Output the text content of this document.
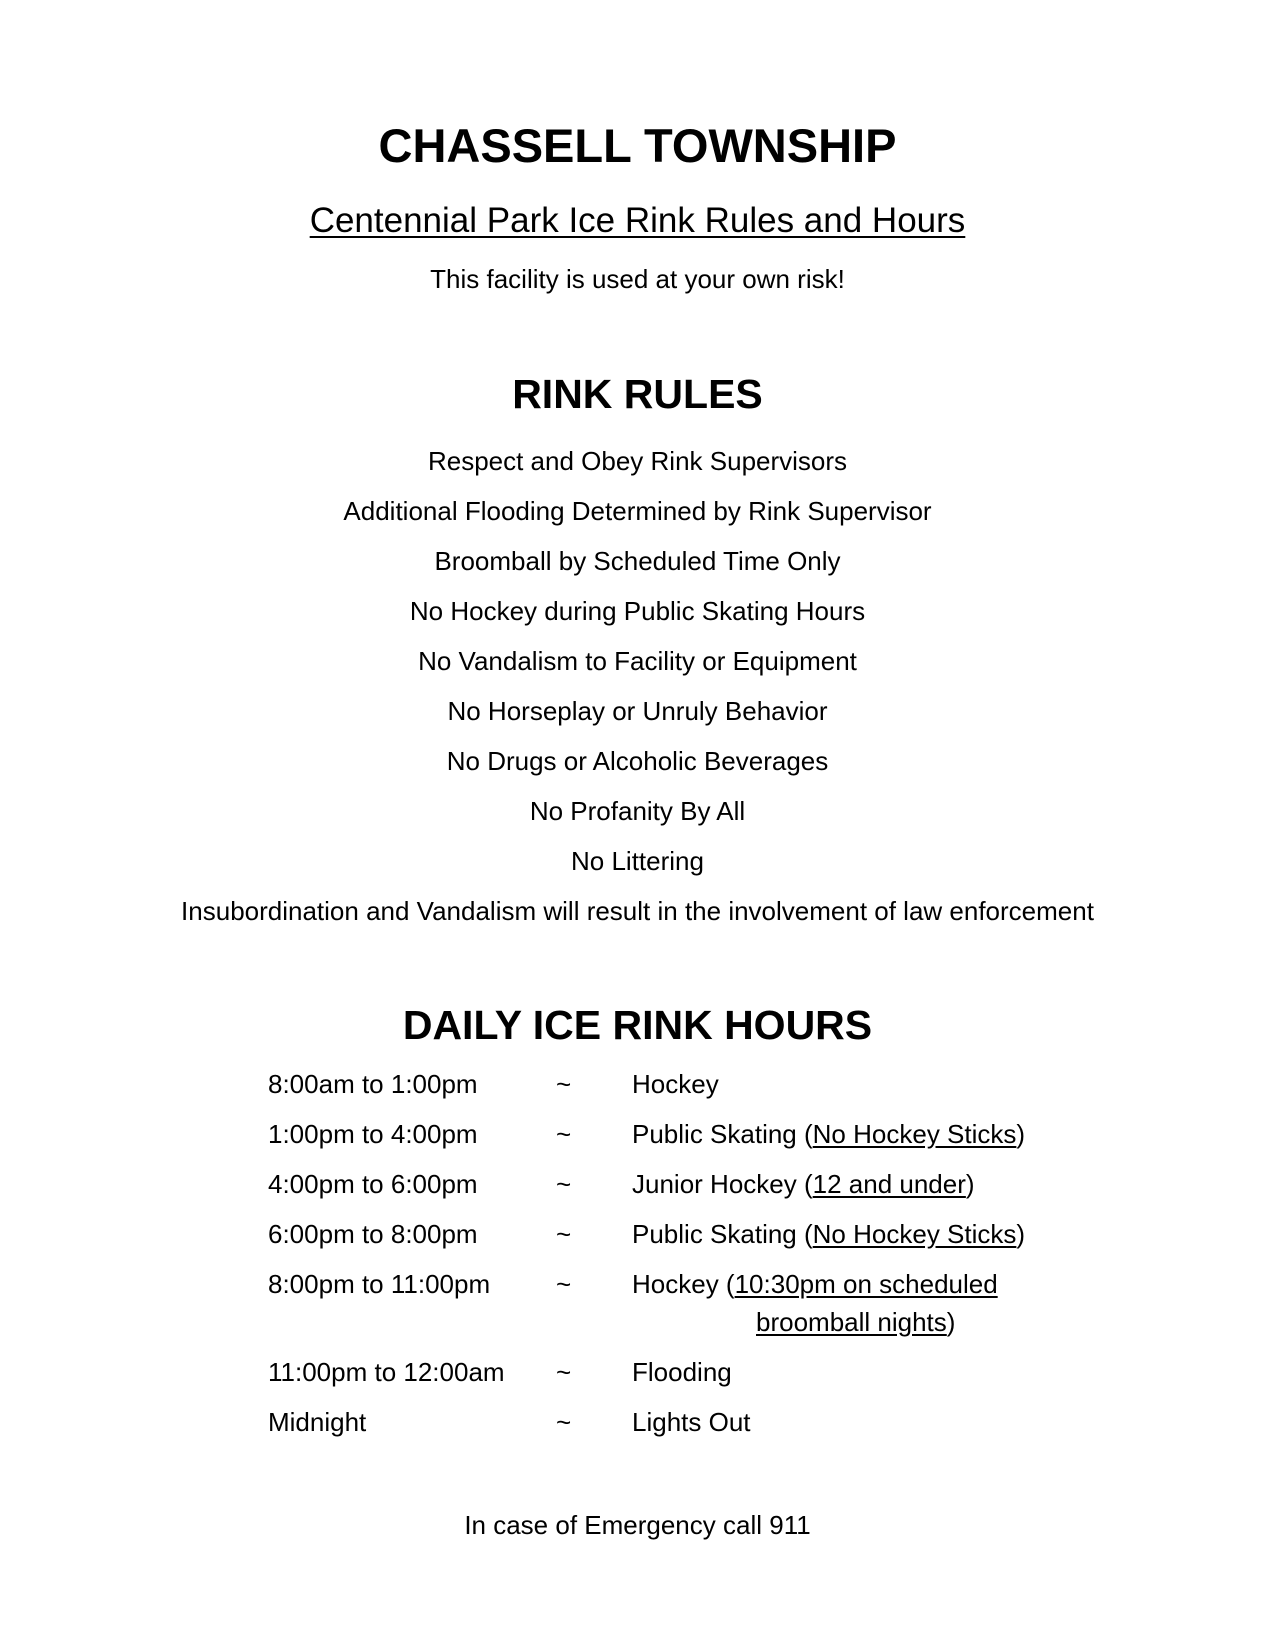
CHASSELL TOWNSHIP
Centennial Park Ice Rink Rules and Hours
This facility is used at your own risk!
RINK RULES
Respect and Obey Rink Supervisors
Additional Flooding Determined by Rink Supervisor
Broomball by Scheduled Time Only
No Hockey during Public Skating Hours
No Vandalism to Facility or Equipment
No Horseplay or Unruly Behavior
No Drugs or Alcoholic Beverages
No Profanity By All
No Littering
Insubordination and Vandalism will result in the involvement of law enforcement
DAILY ICE RINK HOURS
8:00am to 1:00pm	~ Hockey
1:00pm to 4:00pm	~ Public Skating (No Hockey Sticks)
4:00pm to 6:00pm	~ Junior Hockey (12 and under)
6:00pm to 8:00pm	~ Public Skating (No Hockey Sticks)
8:00pm to 11:00pm	~ Hockey (10:30pm on scheduled
broomball nights)
11:00pm to 12:00am ~ Flooding
Midnight	~ Lights Out
In case of Emergency call 911
